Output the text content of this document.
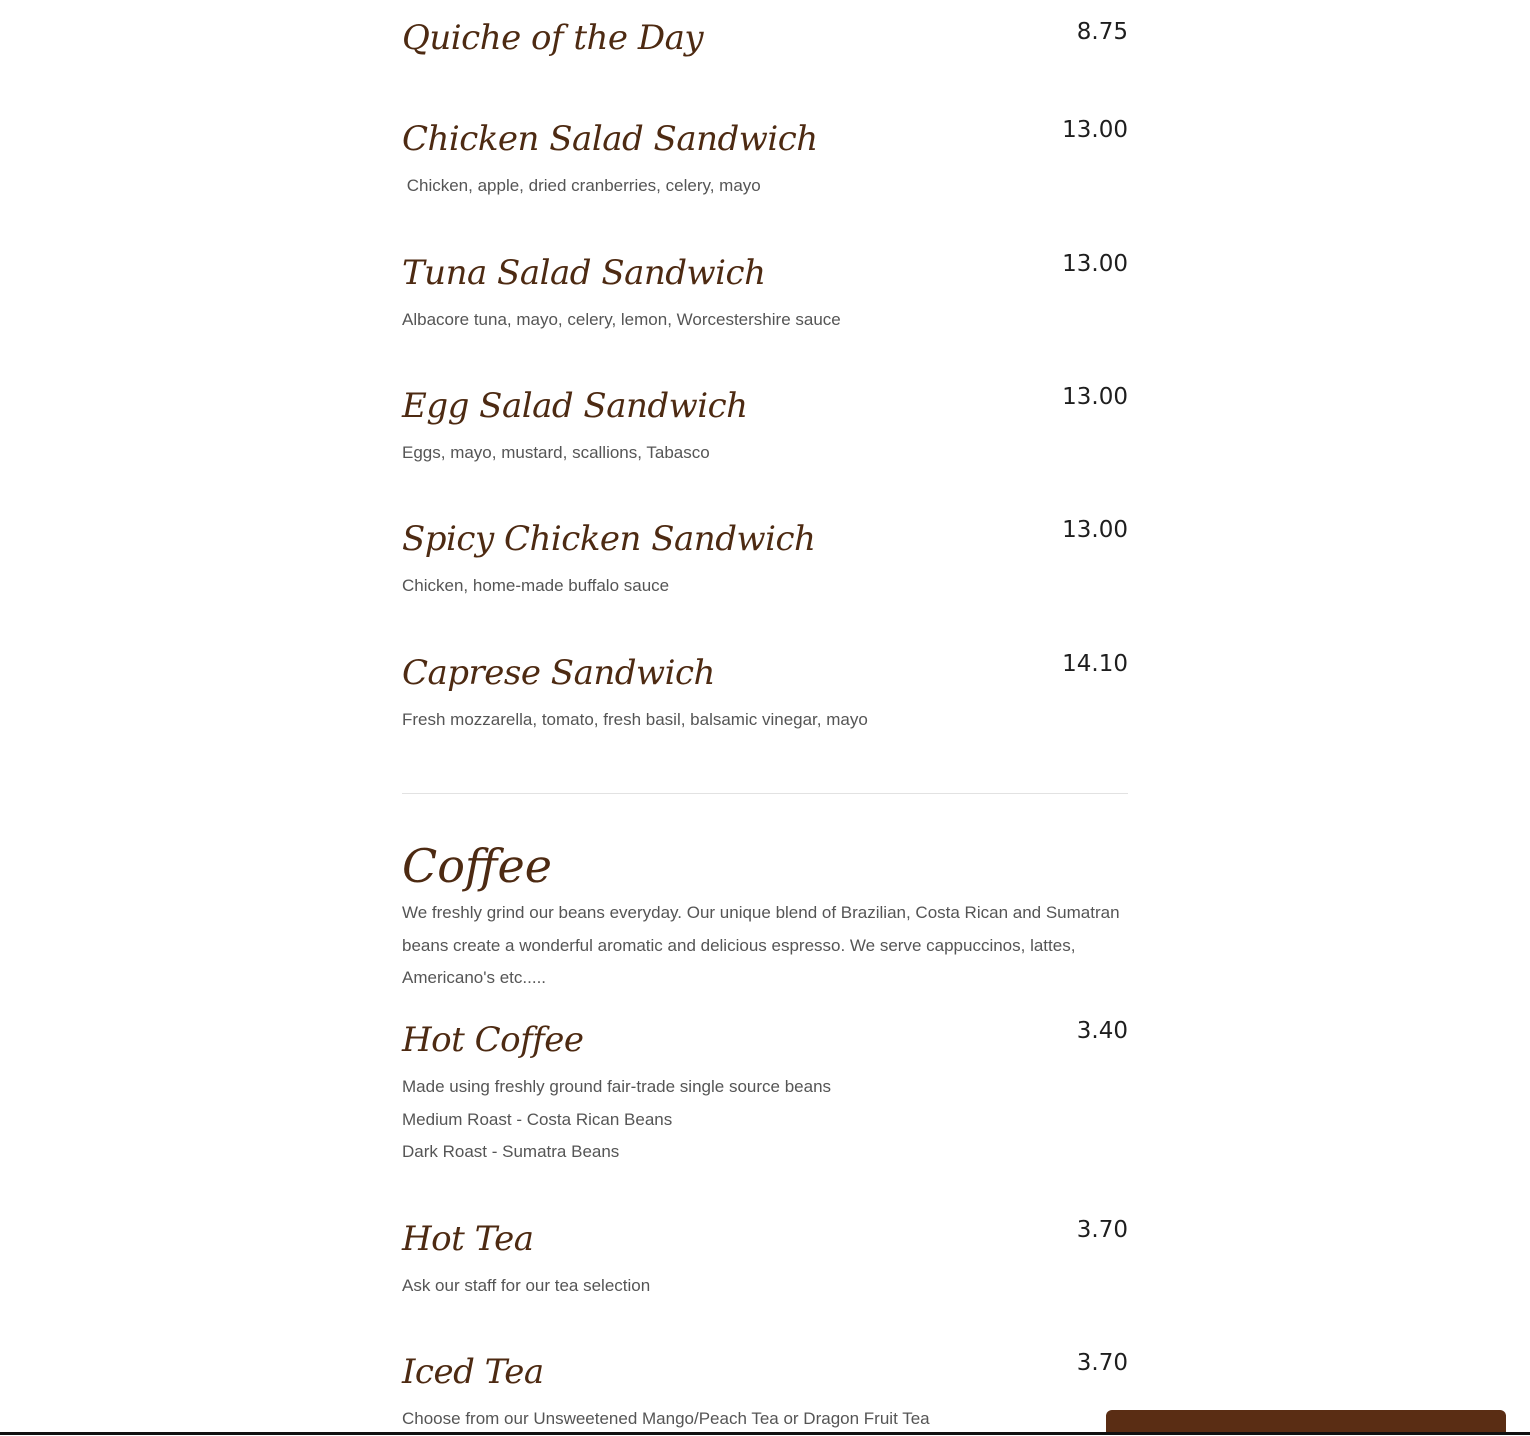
Quiche of the Day	8.75
Chicken Salad Sandwich	13.00
Chicken, apple, dried cranberries, celery, mayo
Tuna Salad Sandwich	13.00
Albacore tuna, mayo, celery, lemon, Worcestershire sauce
Egg Salad Sandwich	13.00
Eggs, mayo, mustard, scallions, Tabasco
Spicy Chicken Sandwich	13.00
Chicken, home-made buffalo sauce
Caprese Sandwich	14.10
Fresh mozzarella, tomato, fresh basil, balsamic vinegar, mayo
Coffee
We freshly grind our beans everyday. Our unique blend of Brazilian, Costa Rican and Sumatran beans create a wonderful aromatic and delicious espresso. We serve cappuccinos, lattes, Americano's etc.....
Hot Coffee	3.40
Made using freshly ground fair-trade single source beans
Medium Roast - Costa Rican Beans
Dark Roast - Sumatra Beans
Hot Tea	3.70
Ask our staff for our tea selection
Iced Tea	3.70
Choose from our Unsweetened Mango/Peach Tea or Dragon Fruit Tea
